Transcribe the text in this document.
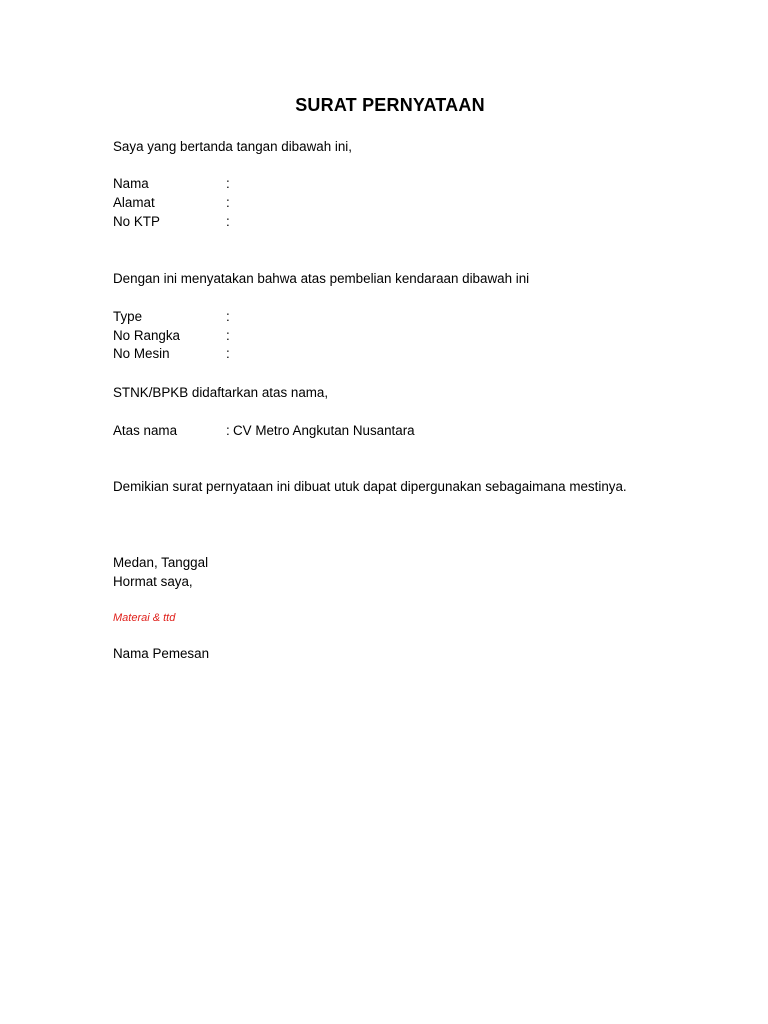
SURAT PERNYATAAN
Saya yang bertanda tangan dibawah ini,
Nama	:
Alamat	:
No KTP	:
Dengan ini menyatakan bahwa atas pembelian kendaraan dibawah ini
Type	:
No Rangka	:
No Mesin	:
STNK/BPKB didaftarkan atas nama,
Atas nama	: CV Metro Angkutan Nusantara
Demikian surat pernyataan ini dibuat utuk dapat dipergunakan sebagaimana mestinya.
Medan, Tanggal
Hormat saya,
Materai & ttd
Nama Pemesan
